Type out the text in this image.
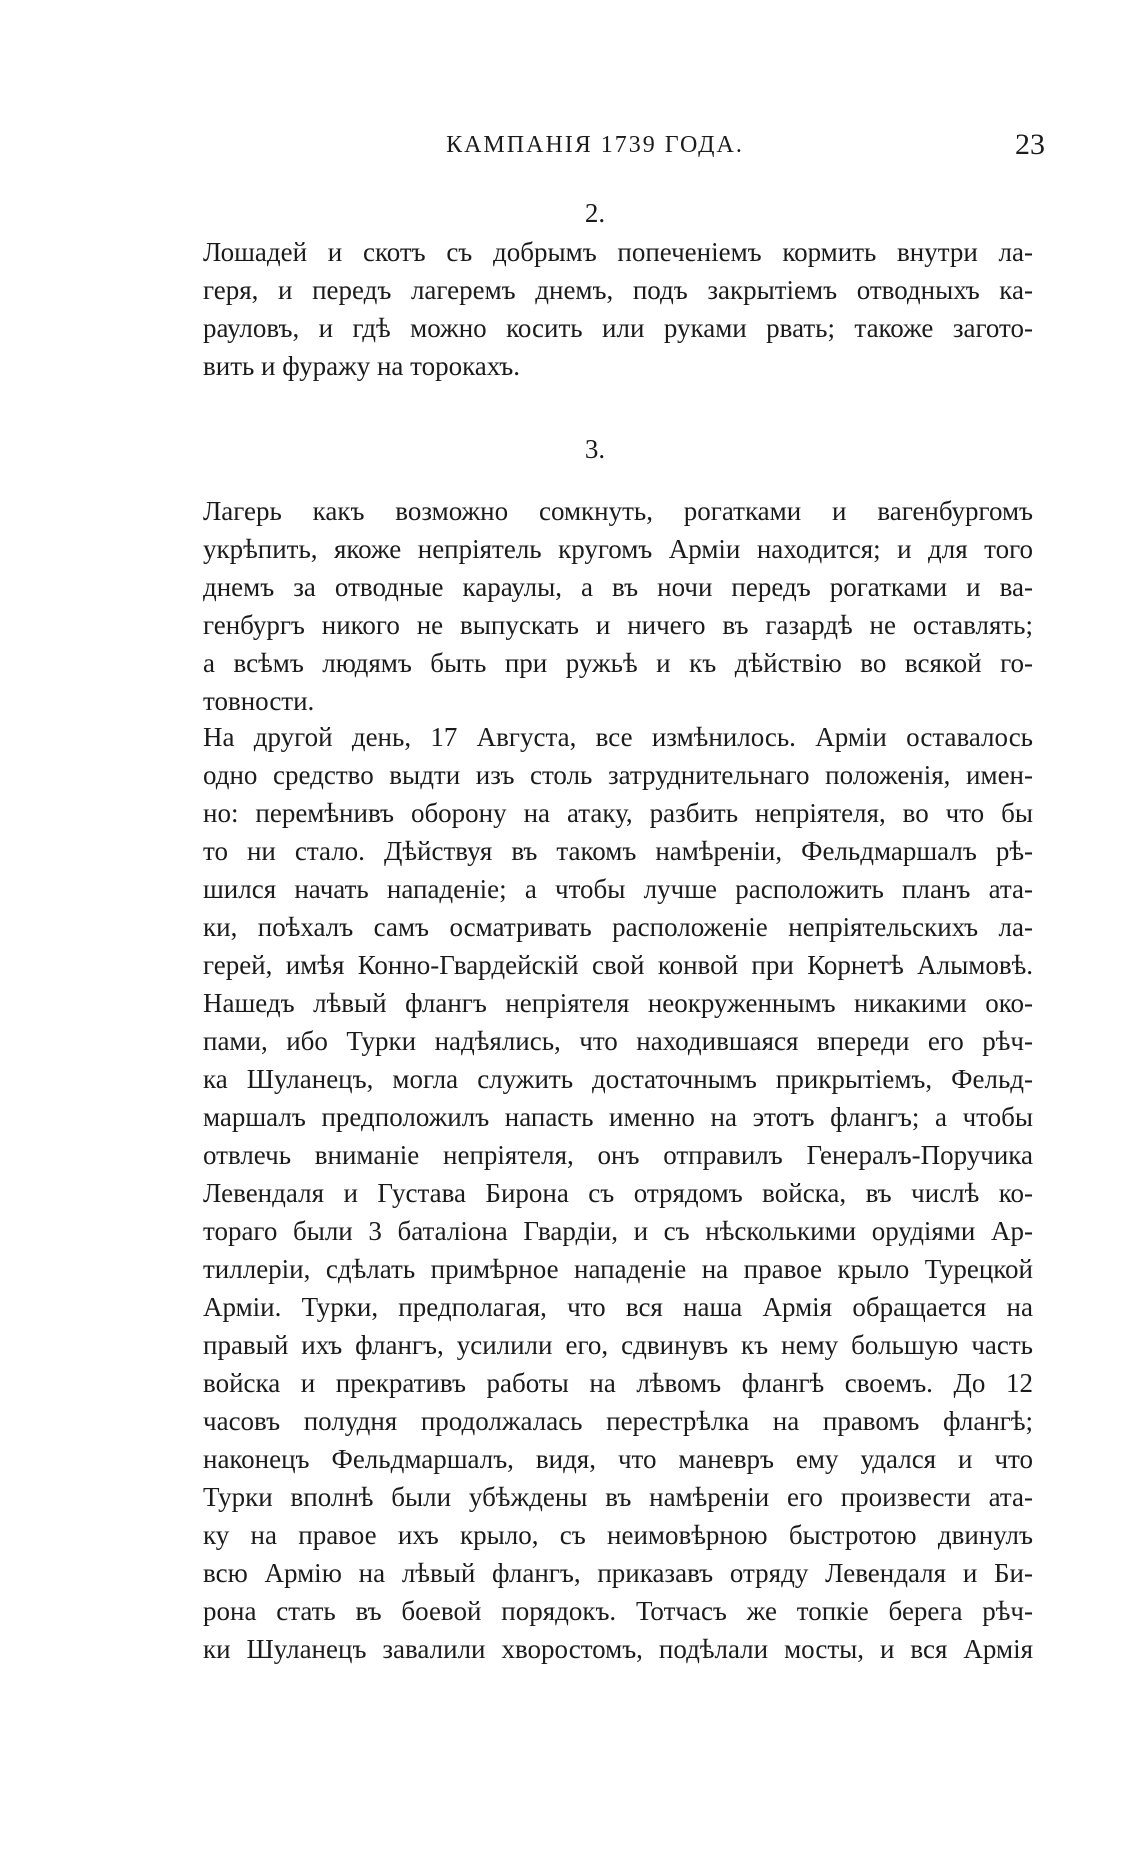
КАМПАНІЯ 1739 ГОДА.	23
2.
Лошадей и скотъ съ добрымъ попеченіемъ кормить внутри ла-
геря, и передъ лагеремъ днемъ, подъ закрытіемъ отводныхъ ка-
рауловъ, и гдѣ можно косить или руками рвать; такоже загото-
вить и фуражу на торокахъ.
3.
Лагерь какъ возможно сомкнуть, рогатками и вагенбургомъ
укрѣпить, якоже непріятель кругомъ Арміи находится; и для того
днемъ за отводные караулы, а въ ночи передъ рогатками и ва-
генбургъ никого не выпускать и ничего въ газардѣ не оставлять;
а всѣмъ людямъ быть при ружьѣ и къ дѣйствію во всякой го-
товности.
На другой день, 17 Августа, все измѣнилось. Арміи оставалось
одно средство выдти изъ столь затруднительнаго положенія, имен-
но: перемѣнивъ оборону на атаку, разбить непріятеля, во что бы
то ни стало. Дѣйствуя въ такомъ намѣреніи, Фельдмаршалъ рѣ-
шился начать нападеніе; а чтобы лучше расположить планъ ата-
ки, поѣхалъ самъ осматривать расположеніе непріятельскихъ ла-
герей, имѣя Конно-Гвардейскій свой конвой при Корнетѣ Алымовѣ.
Нашедъ лѣвый флангъ непріятеля неокруженнымъ никакими око-
пами, ибо Турки надѣялись, что находившаяся впереди его рѣч-
ка Шуланецъ, могла служить достаточнымъ прикрытіемъ, Фельд-
маршалъ предположилъ напасть именно на этотъ флангъ; а чтобы
отвлечь вниманіе непріятеля, онъ отправилъ Генералъ-Поручика
Левендаля и Густава Бирона съ отрядомъ войска, въ числѣ ко-
тораго были 3 баталіона Гвардіи, и съ нѣсколькими орудіями Ар-
тиллеріи, сдѣлать примѣрное нападеніе на правое крыло Турецкой
Арміи. Турки, предполагая, что вся наша Армія обращается на
правый ихъ флангъ, усилили его, сдвинувъ къ нему большую часть
войска и прекративъ работы на лѣвомъ флангѣ своемъ. До 12
часовъ полудня продолжалась перестрѣлка на правомъ флангѣ;
наконецъ Фельдмаршалъ, видя, что маневръ ему удался и что
Турки вполнѣ были убѣждены въ намѣреніи его произвести ата-
ку на правое ихъ крыло, съ неимовѣрною быстротою двинулъ
всю Армію на лѣвый флангъ, приказавъ отряду Левендаля и Би-
рона стать въ боевой порядокъ. Тотчасъ же топкіе берега рѣч-
ки Шуланецъ завалили хворостомъ, подѣлали мосты, и вся Армія
